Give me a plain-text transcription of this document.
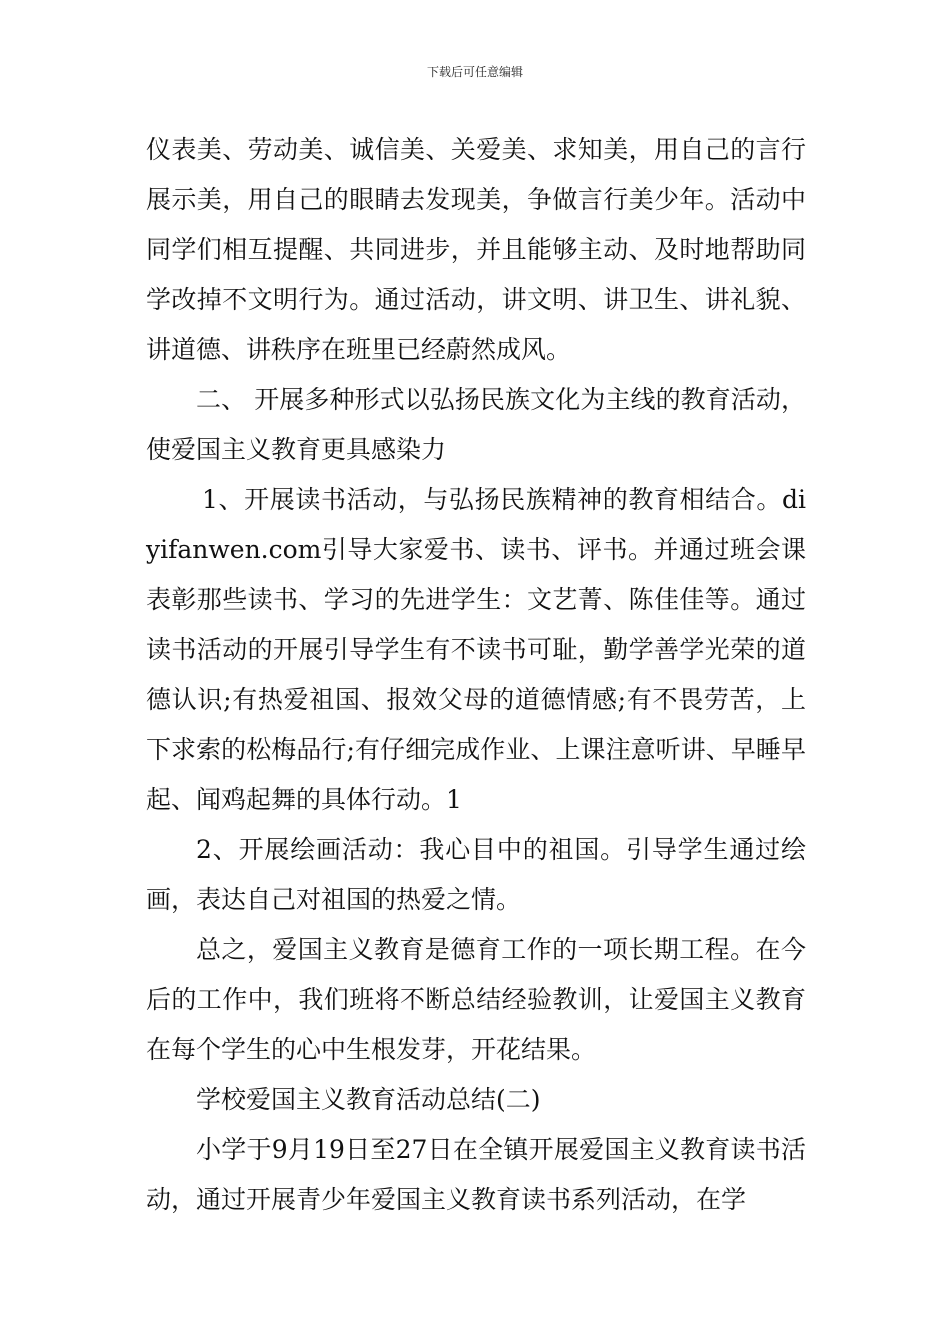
下载后可任意编辑

仪表美、劳动美、诚信美、关爱美、求知美，用自己的言行展示美，用自己的眼睛去发现美，争做言行美少年。活动中同学们相互提醒、共同进步，并且能够主动、及时地帮助同学改掉不文明行为。通过活动，讲文明、讲卫生、讲礼貌、讲道德、讲秩序在班里已经蔚然成风。

二、 开展多种形式以弘扬民族文化为主线的教育活动，使爱国主义教育更具感染力

1、开展读书活动，与弘扬民族精神的教育相结合。diyifanwen.com引导大家爱书、读书、评书。并通过班会课表彰那些读书、学习的先进学生：文艺菁、陈佳佳等。通过读书活动的开展引导学生有不读书可耻，勤学善学光荣的道德认识;有热爱祖国、报效父母的道德情感;有不畏劳苦，上下求索的松梅品行;有仔细完成作业、上课注意听讲、早睡早起、闻鸡起舞的具体行动。1

2、开展绘画活动：我心目中的祖国。引导学生通过绘画，表达自己对祖国的热爱之情。

总之，爱国主义教育是德育工作的一项长期工程。在今后的工作中，我们班将不断总结经验教训，让爱国主义教育在每个学生的心中生根发芽，开花结果。

学校爱国主义教育活动总结(二)

小学于9月19日至27日在全镇开展爱国主义教育读书活动，通过开展青少年爱国主义教育读书系列活动，在学
